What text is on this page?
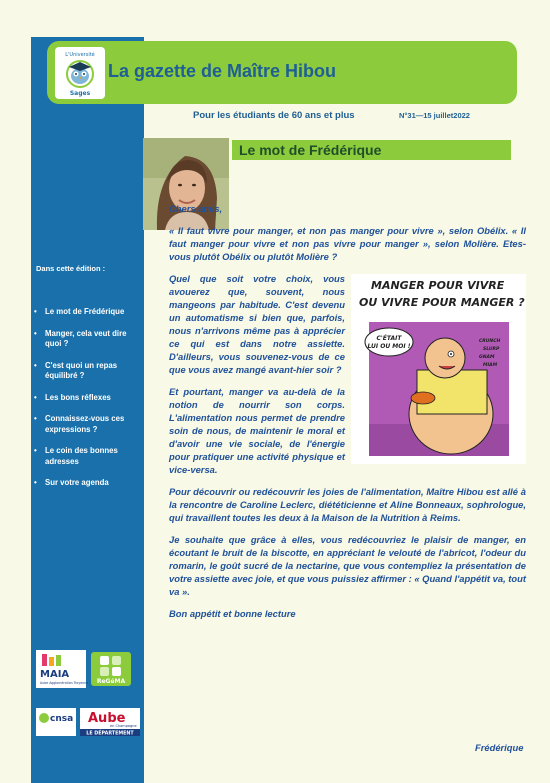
L'Université
Sages
La gazette de Maître Hibou
Pour les étudiants de 60 ans et plus	N°31—15 juillet2022
Le mot de Frédérique
Dans cette édition :
• Le mot de Frédérique
• Manger, cela veut dire quoi ?
• C'est quoi un repas équilibré ?
• Les bons réflexes
• Connaissez-vous ces expressions ?
• Le coin des bonnes adresses
• Sur votre agenda
MAIA
Aube Agglomération Troyenne ReGéMA
cnsa Aube
en Champagne
LE DÉPARTEMENT

Chers amis,

« Il faut vivre pour manger, et non pas manger pour vivre », selon Obélix. « Il faut manger pour vivre et non pas vivre pour manger », selon Molière. Etes-vous plutôt Obélix ou plutôt Molière ?

MANGER POUR VIVRE
OU VIVRE POUR MANGER ?
C'ÉTAIT
LUI OU MOI !
CRUNCH
SLURP
GNAM
MIAM

Quel que soit votre choix, vous avouerez que, souvent, nous mangeons par habitude. C'est devenu un automatisme si bien que, parfois, nous n'arrivons même pas à apprécier ce qui est dans notre assiette. D'ailleurs, vous souvenez-vous de ce que vous avez mangé avant-hier soir ?

Et pourtant, manger va au-delà de la notion de nourrir son corps. L'alimentation nous permet de prendre soin de nous, de maintenir le moral et d'avoir une vie sociale, de l'énergie pour pratiquer une activité physique et vice-versa.

Pour découvrir ou redécouvrir les joies de l'alimentation, Maître Hibou est allé à la rencontre de Caroline Leclerc, diététicienne et Aline Bonneaux, sophrologue, qui travaillent toutes les deux à la Maison de la Nutrition à Reims.

Je souhaite que grâce à elles, vous redécouvriez le plaisir de manger, en écoutant le bruit de la biscotte, en appréciant le velouté de l'abricot, l'odeur du romarin, le goût sucré de la nectarine, que vous contempliez la présentation de votre assiette avec joie, et que vous puissiez affirmer : « Quand l'appétit va, tout va ».

Bon appétit et bonne lecture

Frédérique
